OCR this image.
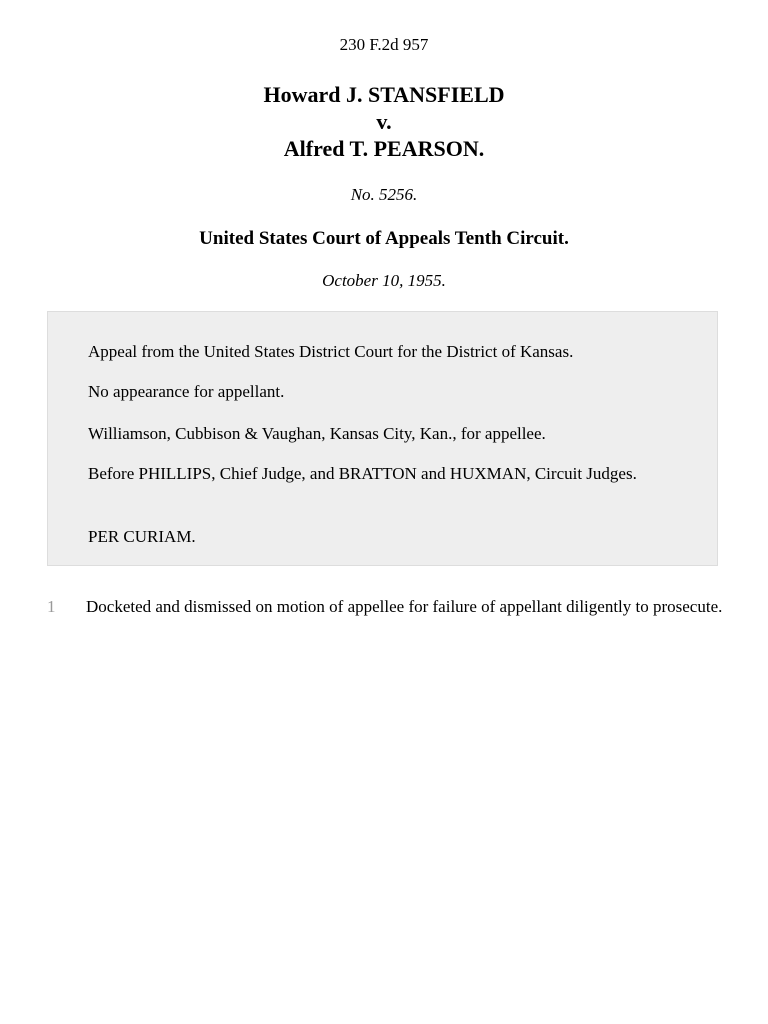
230 F.2d 957
Howard J. STANSFIELD
v.
Alfred T. PEARSON.
No. 5256.
United States Court of Appeals Tenth Circuit.
October 10, 1955.

Appeal from the United States District Court for the District of Kansas.

No appearance for appellant.

Williamson, Cubbison & Vaughan, Kansas City, Kan., for appellee.

Before PHILLIPS, Chief Judge, and BRATTON and HUXMAN, Circuit Judges.

PER CURIAM.

1 Docketed and dismissed on motion of appellee for failure of appellant diligently to prosecute.
